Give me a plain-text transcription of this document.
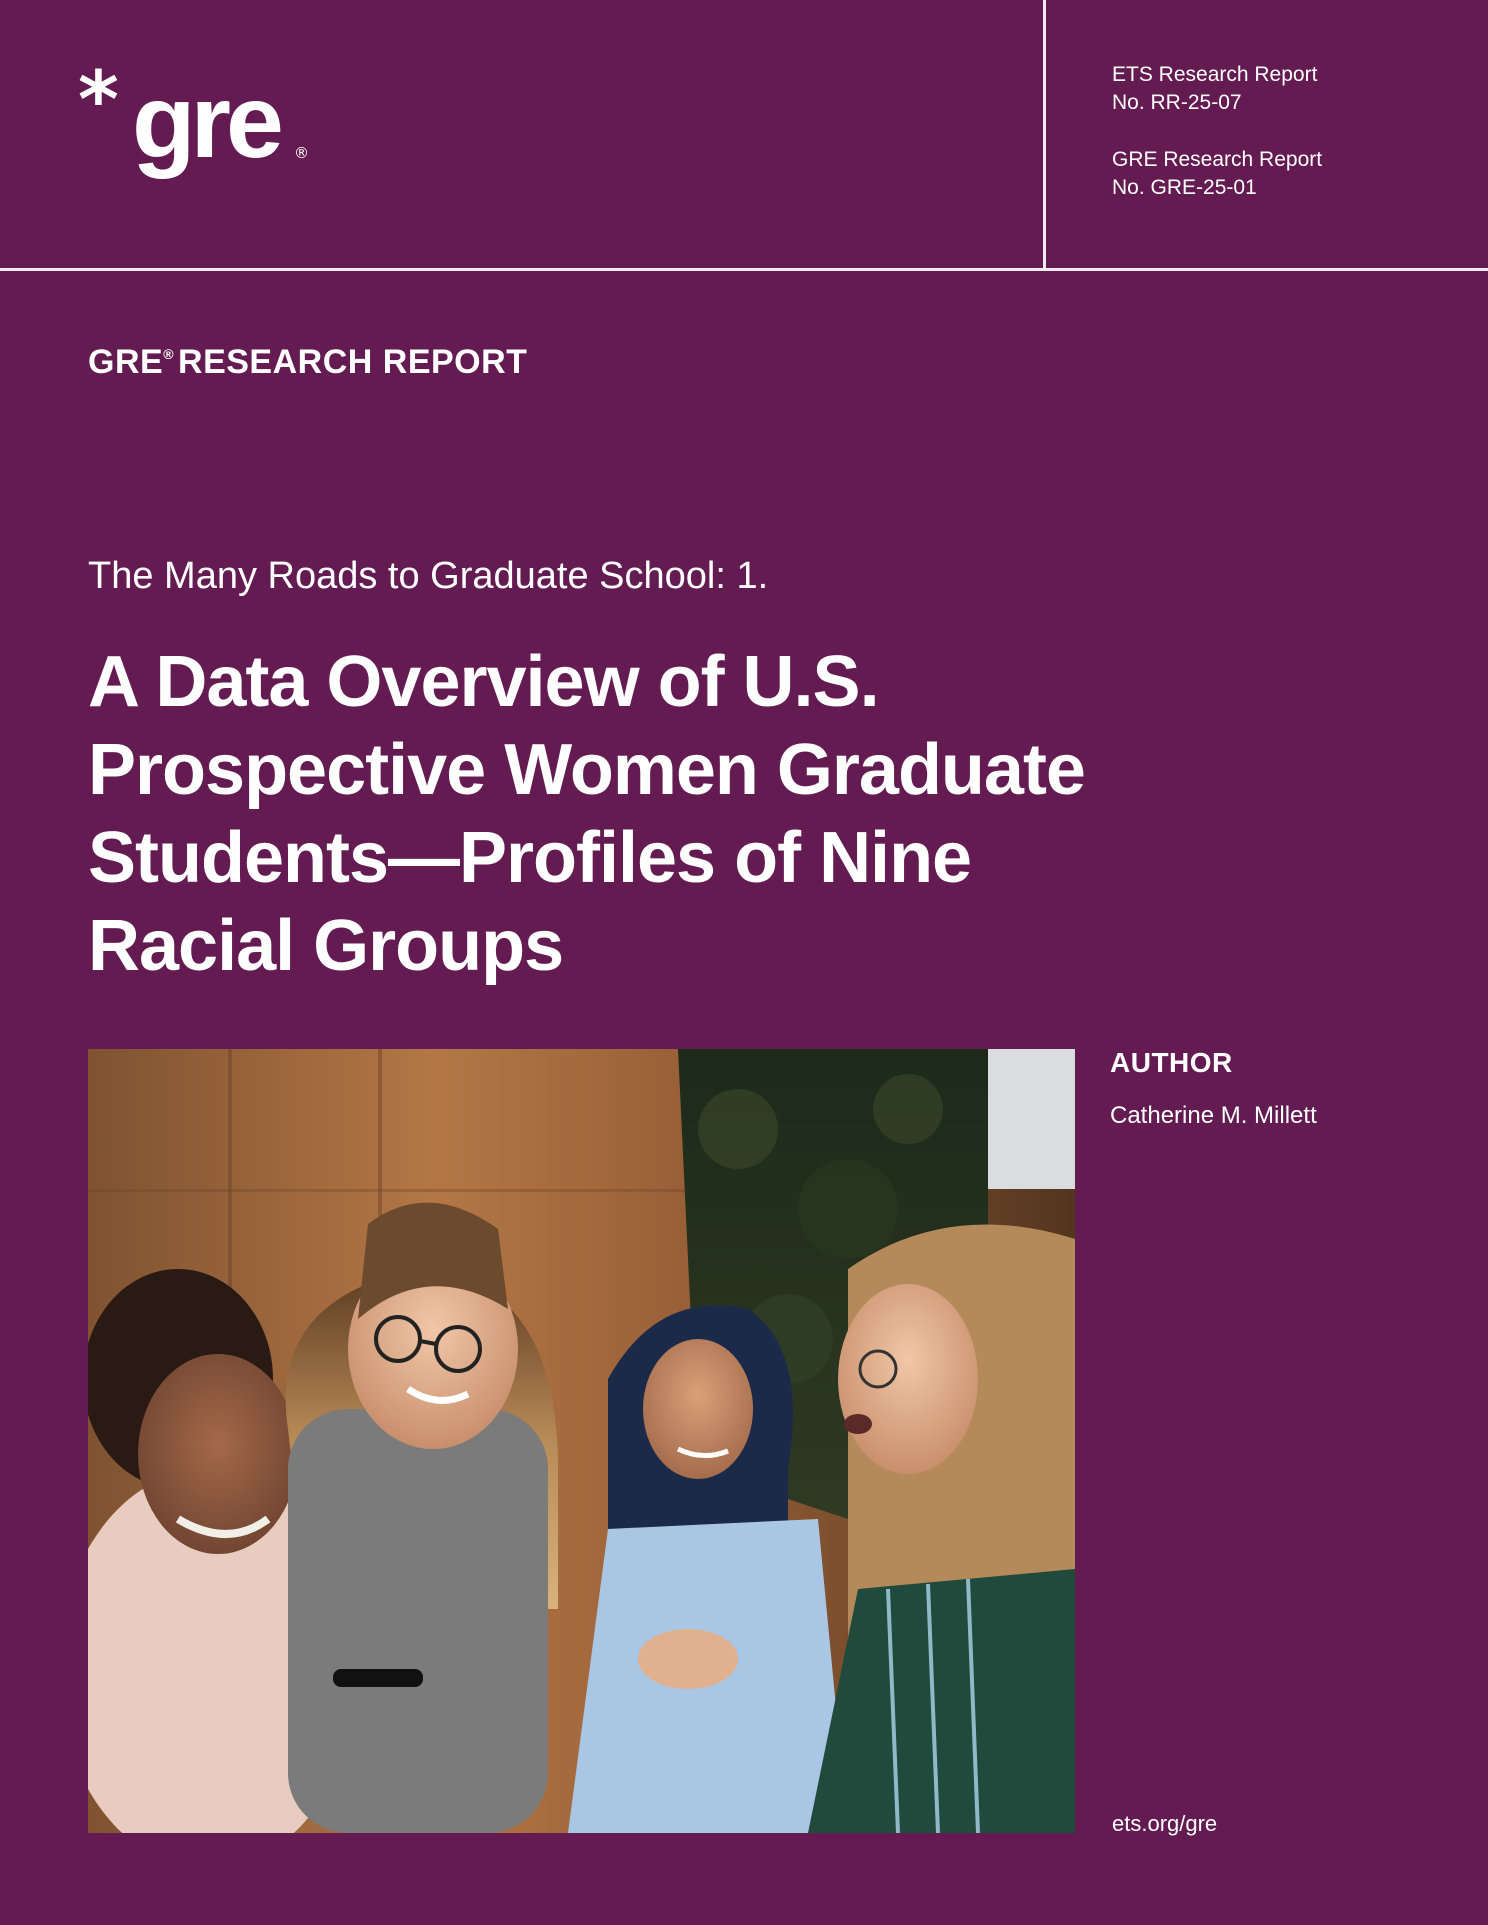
* gre ®
ETS Research Report
No. RR-25-07
GRE Research Report
No. GRE-25-01
GRE® RESEARCH REPORT
The Many Roads to Graduate School: 1.
A Data Overview of U.S.
Prospective Women Graduate
Students—Profiles of Nine
Racial Groups
AUTHOR
Catherine M. Millett
ets.org/gre
